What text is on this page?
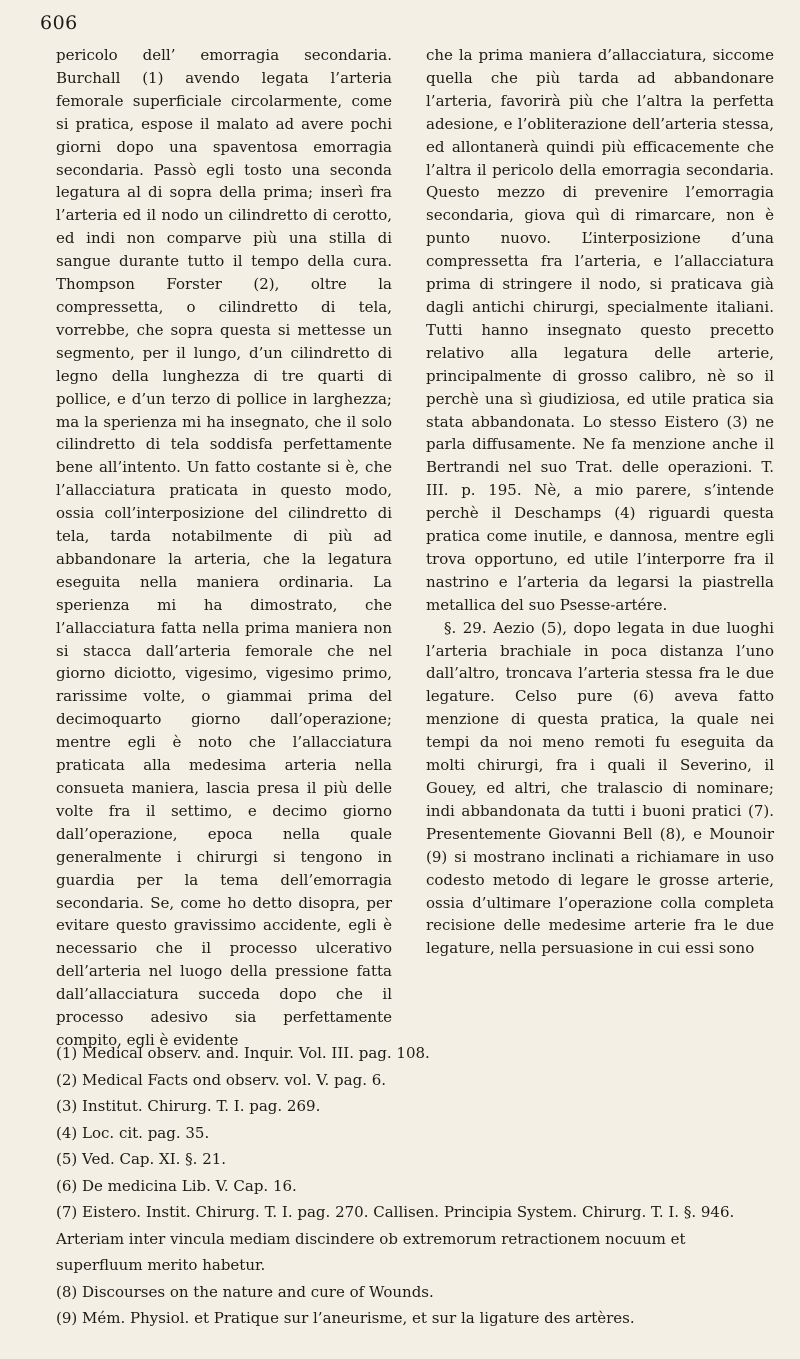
606

pericolo dell’ emorragia secondaria. Burchall (1) avendo legata l’arteria femorale superficiale circolarmente, come si pratica, espose il malato ad avere pochi giorni dopo una spaventosa emorragia secondaria. Passò egli tosto una seconda legatura al di sopra della prima; inserì fra l’arteria ed il nodo un cilindretto di cerotto, ed indi non comparve più una stilla di sangue durante tutto il tempo della cura. Thompson Forster (2), oltre la compressetta, o cilindretto di tela, vorrebbe, che sopra questa si mettesse un segmento, per il lungo, d’un cilindretto di legno della lunghezza di tre quarti di pollice, e d’un terzo di pollice in larghezza; ma la sperienza mi ha insegnato, che il solo cilindretto di tela soddisfa perfettamente bene all’intento. Un fatto costante si è, che l’allacciatura praticata in questo modo, ossia coll’interposizione del cilindretto di tela, tarda notabilmente di più ad abbandonare la arteria, che la legatura eseguita nella maniera ordinaria. La sperienza mi ha dimostrato, che l’allacciatura fatta nella prima maniera non si stacca dall’arteria femorale che nel giorno diciotto, vigesimo, vigesimo primo, rarissime volte, o giammai prima del decimoquarto giorno dall’operazione; mentre egli è noto che l’allacciatura praticata alla medesima arteria nella consueta maniera, lascia presa il più delle volte fra il settimo, e decimo giorno dall’operazione, epoca nella quale generalmente i chirurgi si tengono in guardia per la tema dell’emorragia secondaria. Se, come ho detto disopra, per evitare questo gravissimo accidente, egli è necessario che il processo ulcerativo dell’arteria nel luogo della pressione fatta dall’allacciatura succeda dopo che il processo adesivo sia perfettamente compito, egli è evidente

che la prima maniera d’allacciatura, siccome quella che più tarda ad abbandonare l’arteria, favorirà più che l’altra la perfetta adesione, e l’obliterazione dell’arteria stessa, ed allontanerà quindi più efficacemente che l’altra il pericolo della emorragia secondaria. Questo mezzo di prevenire l’emorragia secondaria, giova quì di rimarcare, non è punto nuovo. L’interposizione d’una compressetta fra l’arteria, e l’allacciatura prima di stringere il nodo, si praticava già dagli antichi chirurgi, specialmente italiani. Tutti hanno insegnato questo precetto relativo alla legatura delle arterie, principalmente di grosso calibro, nè so il perchè una sì giudiziosa, ed utile pratica sia stata abbandonata. Lo stesso Eistero (3) ne parla diffusamente. Ne fa menzione anche il Bertrandi nel suo Trat. delle operazioni. T. III. p. 195. Nè, a mio parere, s’intende perchè il Deschamps (4) riguardi questa pratica come inutile, e dannosa, mentre egli trova opportuno, ed utile l’interporre fra il nastrino e l’arteria da legarsi la piastrella metallica del suo Psesse-artére.

§. 29. Aezio (5), dopo legata in due luoghi l’arteria brachiale in poca distanza l’uno dall’altro, troncava l’arteria stessa fra le due legature. Celso pure (6) aveva fatto menzione di questa pratica, la quale nei tempi da noi meno remoti fu eseguita da molti chirurgi, fra i quali il Severino, il Gouey, ed altri, che tralascio di nominare; indi abbandonata da tutti i buoni pratici (7). Presentemente Giovanni Bell (8), e Mounoir (9) si mostrano inclinati a richiamare in uso codesto metodo di legare le grosse arterie, ossia d’ultimare l’operazione colla completa recisione delle medesime arterie fra le due legature, nella persuasione in cui essi sono

(1) Medical observ. and. Inquir. Vol. III. pag. 108.
(2) Medical Facts ond observ. vol. V. pag. 6.
(3) Institut. Chirurg. T. I. pag. 269.
(4) Loc. cit. pag. 35.
(5) Ved. Cap. XI. §. 21.
(6) De medicina Lib. V. Cap. 16.
(7) Eistero. Instit. Chirurg. T. I. pag. 270. Callisen. Principia System. Chirurg. T. I. §. 946. Arteriam inter vincula mediam discindere ob extremorum retractionem nocuum et superfluum merito habetur.
(8) Discourses on the nature and cure of Wounds.
(9) Mém. Physiol. et Pratique sur l’aneurisme, et sur la ligature des artères.
